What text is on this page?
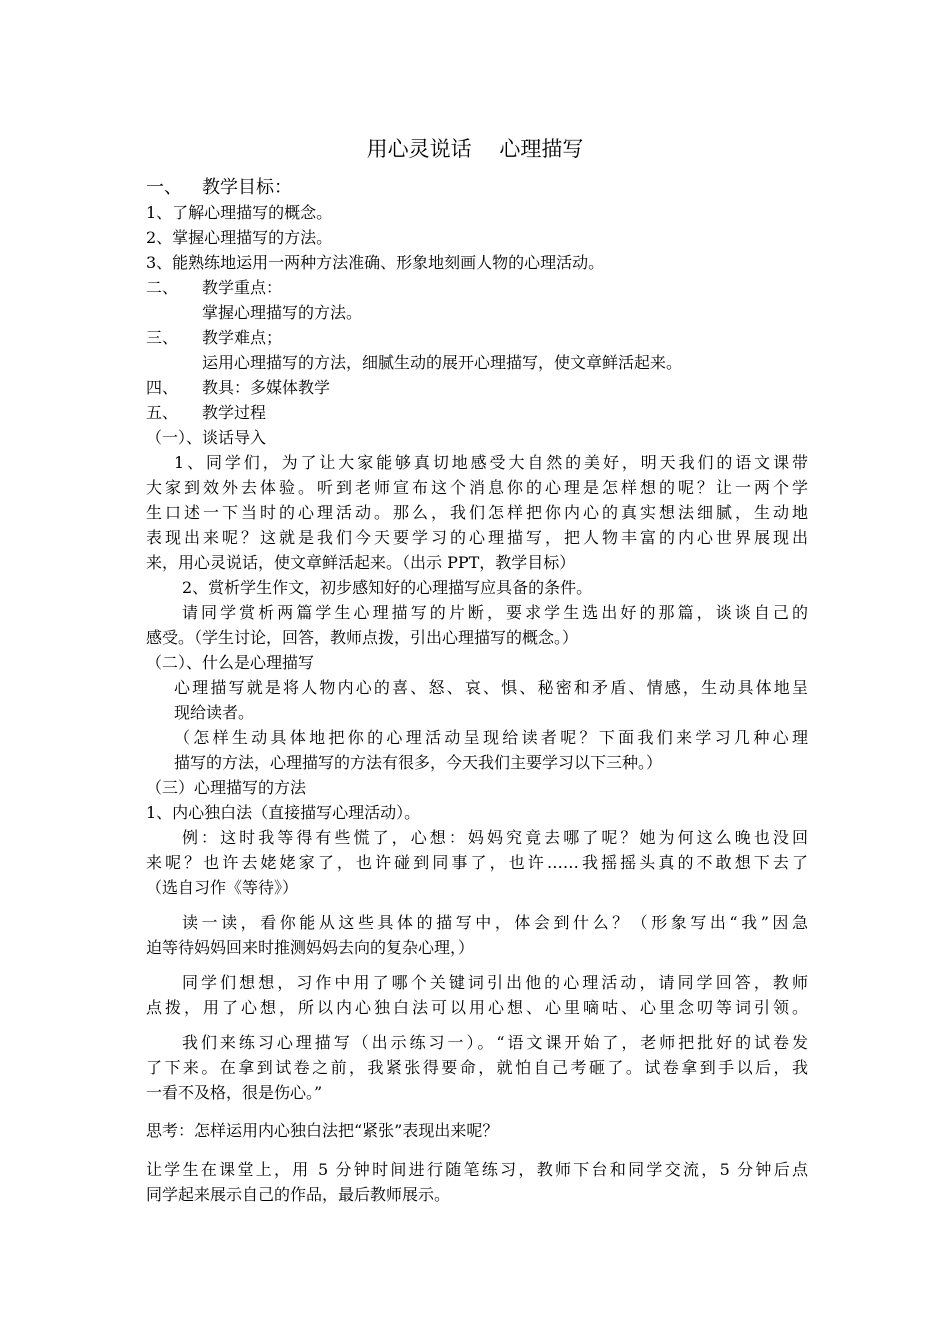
用心灵说话　 心理描写
一、 教学目标：
1、了解心理描写的概念。
2、掌握心理描写的方法。
3、能熟练地运用一两种方法准确、形象地刻画人物的心理活动。
二、 教学重点：
掌握心理描写的方法。
三、 教学难点；
运用心理描写的方法，细腻生动的展开心理描写，使文章鲜活起来。
四、 教具：多媒体教学
五、 教学过程
（一）、谈话导入
1、同学们，为了让大家能够真切地感受大自然的美好，明天我们的语文课带
大家到效外去体验。听到老师宣布这个消息你的心理是怎样想的呢？让一两个学
生口述一下当时的心理活动。那么，我们怎样把你内心的真实想法细腻，生动地
表现出来呢？这就是我们今天要学习的心理描写，把人物丰富的内心世界展现出
来，用心灵说话，使文章鲜活起来。（出示 PPT，教学目标）
2、赏析学生作文，初步感知好的心理描写应具备的条件。
请同学赏析两篇学生心理描写的片断，要求学生选出好的那篇，谈谈自己的
感受。（学生讨论，回答，教师点拨，引出心理描写的概念。）
（二）、什么是心理描写
心理描写就是将人物内心的喜、怒、哀、惧、秘密和矛盾、情感，生动具体地呈
现给读者。
（怎样生动具体地把你的心理活动呈现给读者呢？下面我们来学习几种心理
描写的方法，心理描写的方法有很多，今天我们主要学习以下三种。）
（三）心理描写的方法
1、内心独白法（直接描写心理活动）。
例：这时我等得有些慌了，心想：妈妈究竟去哪了呢？她为何这么晚也没回
来呢？也许去姥姥家了，也许碰到同事了，也许……我摇摇头真的不敢想下去了
（选自习作《等待》）
读一读，看你能从这些具体的描写中，体会到什么？（形象写出“我”因急
迫等待妈妈回来时推测妈妈去向的复杂心理，）
同学们想想，习作中用了哪个关键词引出他的心理活动，请同学回答，教师
点拨，用了心想，所以内心独白法可以用心想、心里嘀咕、心里念叨等词引领。
我们来练习心理描写（出示练习一）。“语文课开始了，老师把批好的试卷发
了下来。在拿到试卷之前，我紧张得要命，就怕自己考砸了。试卷拿到手以后，我
一看不及格，很是伤心。”
思考：怎样运用内心独白法把“紧张”表现出来呢？
让学生在课堂上，用 5 分钟时间进行随笔练习，教师下台和同学交流，5 分钟后点
同学起来展示自己的作品，最后教师展示。
